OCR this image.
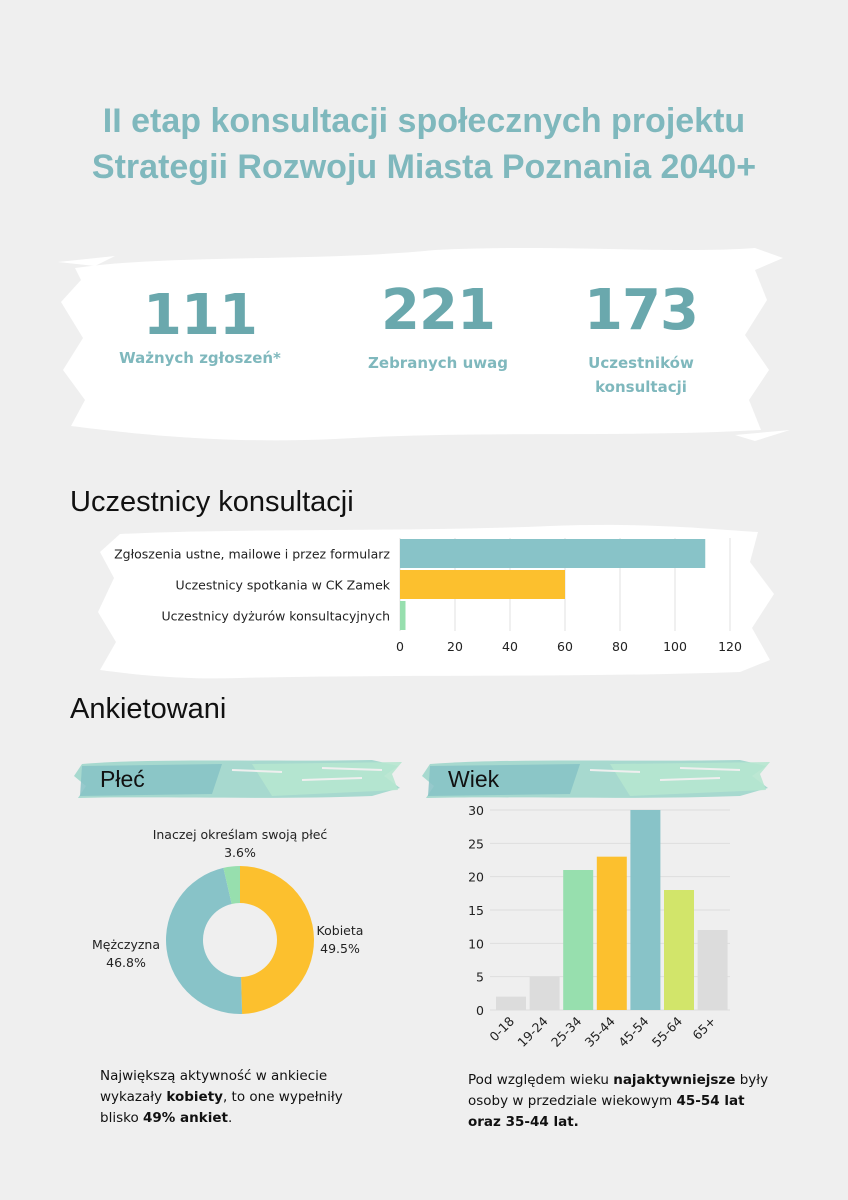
II etap konsultacji społecznych projektu
Strategii Rozwoju Miasta Poznania 2040+
111
Ważnych zgłoszeń*
221
Zebranych uwag
173
Uczestników
konsultacji
Uczestnicy konsultacji
0	20	40	60	80	100 120
Zgłoszenia ustne, mailowe i przez formularz
Uczestnicy spotkania w CK Zamek
Uczestnicy dyżurów konsultacyjnych
Ankietowani
Płeć	Wiek
Inaczej określam swoją płeć
3.6%
Kobieta
49.5%
Mężczyzna
46.8%
0
5
10
15
20
25
30
0-18
19-24
25-34
35-44
45-54
55-64 65+
Największą aktywność w ankiecie wykazały kobiety, to one wypełniły blisko 49% ankiet.
Pod względem wieku najaktywniejsze były osoby w przedziale wiekowym 45-54 lat oraz 35-44 lat.
